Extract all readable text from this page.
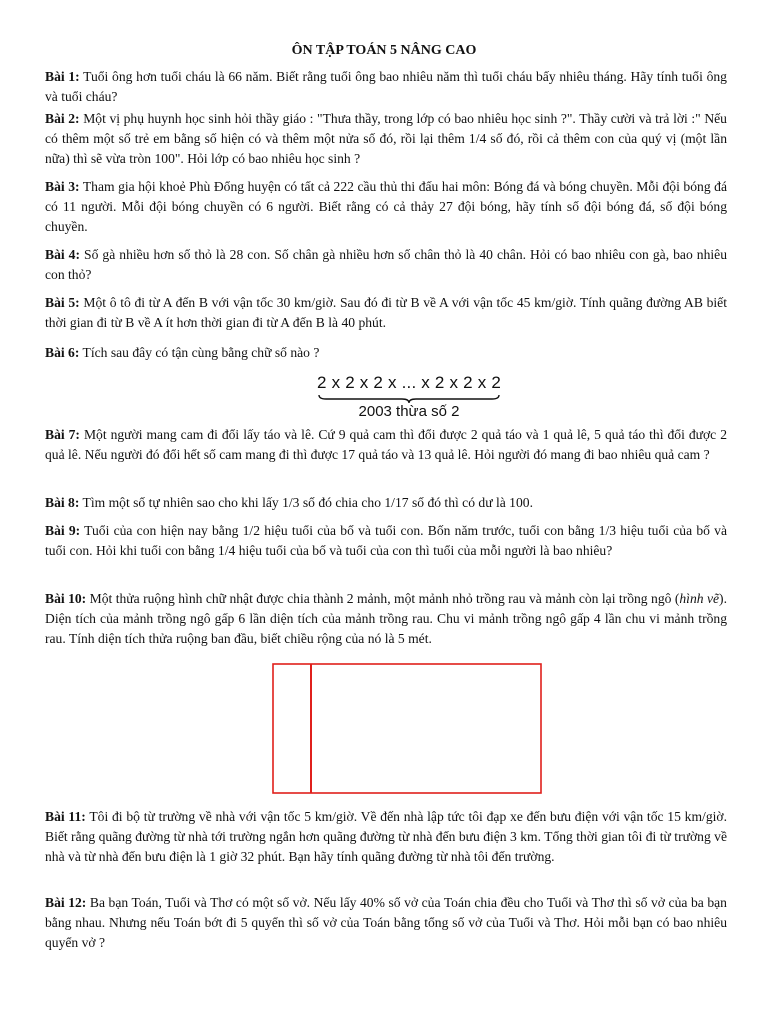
ÔN TẬP TOÁN 5 NÂNG CAO

Bài 1: Tuổi ông hơn tuổi cháu là 66 năm. Biết rằng tuổi ông bao nhiêu năm thì tuổi cháu bấy nhiêu tháng. Hãy tính tuổi ông và tuổi cháu?

Bài 2: Một vị phụ huynh học sinh hỏi thầy giáo : "Thưa thầy, trong lớp có bao nhiêu học sinh ?". Thầy cười và trả lời :" Nếu có thêm một số trẻ em bằng số hiện có và thêm một nửa số đó, rồi lại thêm 1/4 số đó, rồi cả thêm con của quý vị (một lần nữa) thì sẽ vừa tròn 100". Hỏi lớp có bao nhiêu học sinh ?

Bài 3: Tham gia hội khoẻ Phù Đổng huyện có tất cả 222 cầu thủ thi đấu hai môn: Bóng đá và bóng chuyền. Mỗi đội bóng đá có 11 người. Mỗi đội bóng chuyền có 6 người. Biết rằng có cả thảy 27 đội bóng, hãy tính số đội bóng đá, số đội bóng chuyền.

Bài 4: Số gà nhiều hơn số thỏ là 28 con. Số chân gà nhiều hơn số chân thỏ là 40 chân. Hỏi có bao nhiêu con gà, bao nhiêu con thỏ?

Bài 5: Một ô tô đi từ A đến B với vận tốc 30 km/giờ. Sau đó đi từ B về A với vận tốc 45 km/giờ. Tính quãng đường AB biết thời gian đi từ B về A ít hơn thời gian đi từ A đến B là 40 phút.

Bài 6: Tích sau đây có tận cùng bằng chữ số nào ?

2 x 2 x 2 x ... x 2 x 2 x 2
2003 thừa số 2

Bài 7: Một người mang cam đi đổi lấy táo và lê. Cứ 9 quả cam thì đổi được 2 quả táo và 1 quả lê, 5 quả táo thì đổi được 2 quả lê. Nếu người đó đổi hết số cam mang đi thì được 17 quả táo và 13 quả lê. Hỏi người đó mang đi bao nhiêu quả cam ?

Bài 8: Tìm một số tự nhiên sao cho khi lấy 1/3 số đó chia cho 1/17 số đó thì có dư là 100.

Bài 9: Tuổi của con hiện nay bằng 1/2 hiệu tuổi của bố và tuổi con. Bốn năm trước, tuổi con bằng 1/3 hiệu tuổi của bố và tuổi con. Hỏi khi tuổi con bằng 1/4 hiệu tuổi của bố và tuổi của con thì tuổi của mỗi người là bao nhiêu?

Bài 10: Một thửa ruộng hình chữ nhật được chia thành 2 mảnh, một mảnh nhỏ trồng rau và mảnh còn lại trồng ngô (hình vẽ). Diện tích của mảnh trồng ngô gấp 6 lần diện tích của mảnh trồng rau. Chu vi mảnh trồng ngô gấp 4 lần chu vi mảnh trồng rau. Tính diện tích thửa ruộng ban đầu, biết chiều rộng của nó là 5 mét.

Bài 11: Tôi đi bộ từ trường về nhà với vận tốc 5 km/giờ. Về đến nhà lập tức tôi đạp xe đến bưu điện với vận tốc 15 km/giờ. Biết rằng quãng đường từ nhà tới trường ngắn hơn quãng đường từ nhà đến bưu điện 3 km. Tổng thời gian tôi đi từ trường về nhà và từ nhà đến bưu điện là 1 giờ 32 phút. Bạn hãy tính quãng đường từ nhà tôi đến trường.

Bài 12: Ba bạn Toán, Tuổi và Thơ có một số vở. Nếu lấy 40% số vở của Toán chia đều cho Tuổi và Thơ thì số vở của ba bạn bằng nhau. Nhưng nếu Toán bớt đi 5 quyển thì số vở của Toán bằng tổng số vở của Tuổi và Thơ. Hỏi mỗi bạn có bao nhiêu quyển vở ?
